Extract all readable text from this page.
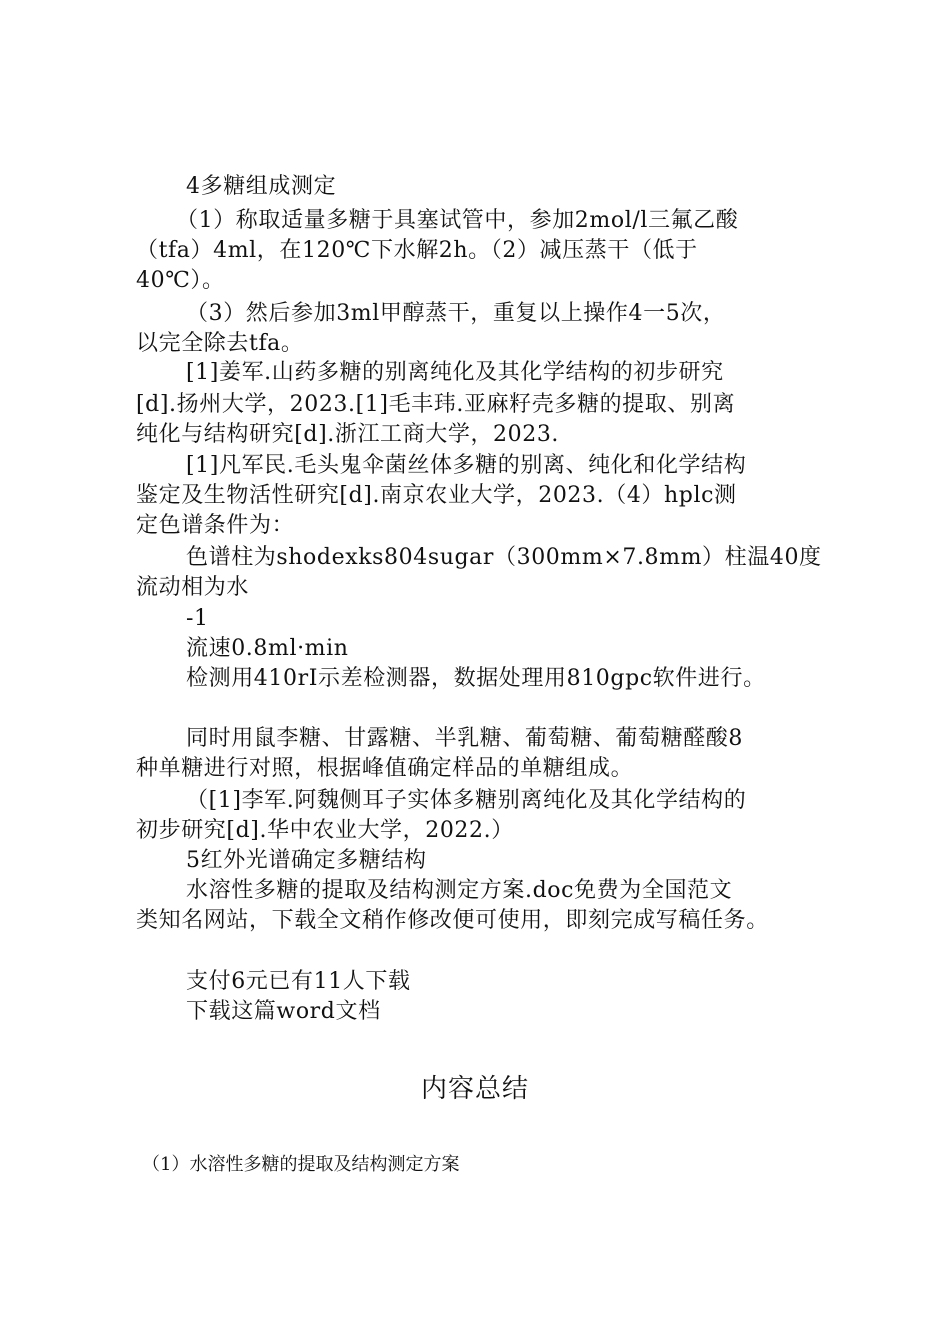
4多糖组成测定
（1）称取适量多糖于具塞试管中，参加2mol/l三氟乙酸
（tfa）4ml，在120℃下水解2h。（2）减压蒸干（低于
40℃）。
（3）然后参加3ml甲醇蒸干，重复以上操作4一5次，
以完全除去tfa。
[1]姜军.山药多糖的别离纯化及其化学结构的初步研究
[d].扬州大学，2023.[1]毛丰玮.亚麻籽壳多糖的提取、别离
纯化与结构研究[d].浙江工商大学，2023.
[1]凡军民.毛头鬼伞菌丝体多糖的别离、纯化和化学结构
鉴定及生物活性研究[d].南京农业大学，2023.（4）hplc测
定色谱条件为：
色谱柱为shodexks804sugar（300mm×7.8mm）柱温40度
流动相为水
-1
流速0.8ml·min
检测用410rⅠ示差检测器，数据处理用810gpc软件进行。
同时用鼠李糖、甘露糖、半乳糖、葡萄糖、葡萄糖醛酸8
种单糖进行对照，根据峰值确定样品的单糖组成。
（[1]李军.阿魏侧耳子实体多糖别离纯化及其化学结构的
初步研究[d].华中农业大学，2022.）
5红外光谱确定多糖结构
水溶性多糖的提取及结构测定方案.doc免费为全国范文
类知名网站，下载全文稍作修改便可使用，即刻完成写稿任务。
支付6元已有11人下载
下载这篇word文档
内容总结
（1）水溶性多糖的提取及结构测定方案
